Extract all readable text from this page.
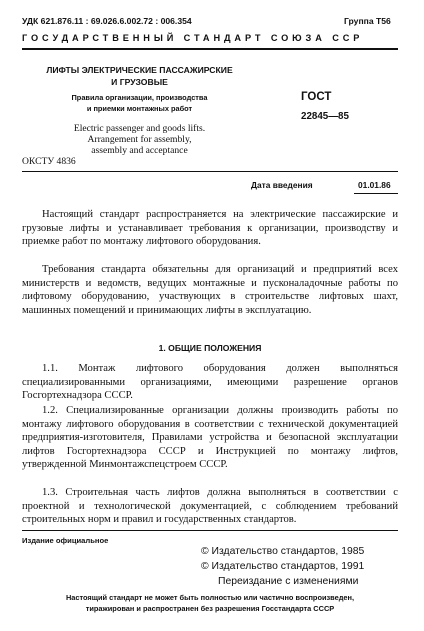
УДК 621.876.11 : 69.026.6.002.72 : 006.354	Группа Т56
ГОСУДАРСТВЕННЫЙ СТАНДАРТ СОЮЗА ССР
ЛИФТЫ ЭЛЕКТРИЧЕСКИЕ ПАССАЖИРСКИЕ
И ГРУЗОВЫЕ
Правила организации, производства
и приемки монтажных работ
Electric passenger and goods lifts.
Arrangement for assembly,
assembly and acceptance
ОКСТУ 4836
ГОСТ
22845—85
Дата введения	01.01.86
Настоящий стандарт распространяется на электрические пассажирские и грузовые лифты и устанавливает требования к организации, производству и приемке работ по монтажу лифтового оборудования.
Требования стандарта обязательны для организаций и предприятий всех министерств и ведомств, ведущих монтажные и пусконаладочные работы по лифтовому оборудованию, участвующих в строительстве лифтовых шахт, машинных помещений и принимающих лифты в эксплуатацию.
1. ОБЩИЕ ПОЛОЖЕНИЯ
1.1. Монтаж лифтового оборудования должен выполняться специализированными организациями, имеющими разрешение органов Госгортехнадзора СССР.
1.2. Специализированные организации должны производить работы по монтажу лифтового оборудования в соответствии с технической документацией предприятия-изготовителя, Правилами устройства и безопасной эксплуатации лифтов Госгортехнадзора СССР и Инструкцией по монтажу лифтов, утвержденной Минмонтажспецстроем СССР.
1.3. Строительная часть лифтов должна выполняться в соответствии с проектной и технологической документацией, с соблюдением требований строительных норм и правил и государственных стандартов.
Издание официальное
© Издательство стандартов, 1985
© Издательство стандартов, 1991
Переиздание с изменениями
Настоящий стандарт не может быть полностью или частично воспроизведен,
тиражирован и распространен без разрешения Госстандарта СССР
